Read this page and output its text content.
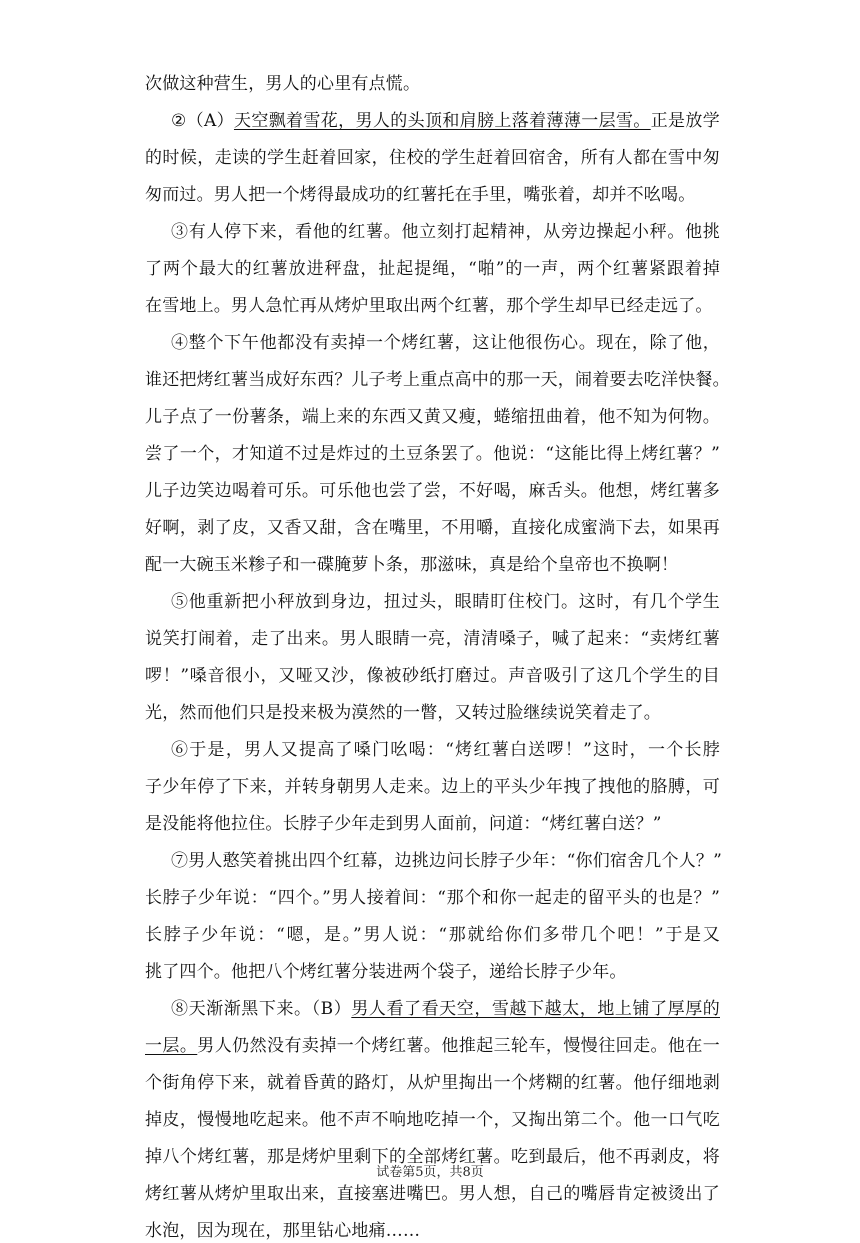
次做这种营生，男人的心里有点慌。
②（A）天空飘着雪花，男人的头顶和肩膀上落着薄薄一层雪。正是放学
的时候，走读的学生赶着回家，住校的学生赶着回宿舍，所有人都在雪中匆
匆而过。男人把一个烤得最成功的红薯托在手里，嘴张着，却并不吆喝。
③有人停下来，看他的红薯。他立刻打起精神，从旁边操起小秤。他挑
了两个最大的红薯放进秤盘，扯起提绳，“啪”的一声，两个红薯紧跟着掉
在雪地上。男人急忙再从烤炉里取出两个红薯，那个学生却早已经走远了。
④整个下午他都没有卖掉一个烤红薯，这让他很伤心。现在，除了他，
谁还把烤红薯当成好东西？儿子考上重点高中的那一天，闹着要去吃洋快餐。
儿子点了一份薯条，端上来的东西又黄又瘦，蜷缩扭曲着，他不知为何物。
尝了一个，才知道不过是炸过的土豆条罢了。他说：“这能比得上烤红薯？”
儿子边笑边喝着可乐。可乐他也尝了尝，不好喝，麻舌头。他想，烤红薯多
好啊，剥了皮，又香又甜，含在嘴里，不用嚼，直接化成蜜淌下去，如果再
配一大碗玉米糁子和一碟腌萝卜条，那滋味，真是给个皇帝也不换啊！
⑤他重新把小秤放到身边，扭过头，眼睛盯住校门。这时，有几个学生
说笑打闹着，走了出来。男人眼睛一亮，清清嗓子，喊了起来：“卖烤红薯
啰！”嗓音很小，又哑又沙，像被砂纸打磨过。声音吸引了这几个学生的目
光，然而他们只是投来极为漠然的一瞥，又转过脸继续说笑着走了。
⑥于是，男人又提高了嗓门吆喝：“烤红薯白送啰！”这时，一个长脖
子少年停了下来，并转身朝男人走来。边上的平头少年拽了拽他的胳膊，可
是没能将他拉住。长脖子少年走到男人面前，问道：“烤红薯白送？”
⑦男人憨笑着挑出四个红幕，边挑边问长脖子少年：“你们宿舍几个人？”
长脖子少年说：“四个。”男人接着间：“那个和你一起走的留平头的也是？”
长脖子少年说：“嗯，是。”男人说：“那就给你们多带几个吧！”于是又
挑了四个。他把八个烤红薯分装进两个袋子，递给长脖子少年。
⑧天渐渐黑下来。（B）男人看了看天空，雪越下越太，地上铺了厚厚的
一层。男人仍然没有卖掉一个烤红薯。他推起三轮车，慢慢往回走。他在一
个街角停下来，就着昏黄的路灯，从炉里掏出一个烤糊的红薯。他仔细地剥
掉皮，慢慢地吃起来。他不声不响地吃掉一个，又掏出第二个。他一口气吃
掉八个烤红薯，那是烤炉里剩下的全部烤红薯。吃到最后，他不再剥皮，将
烤红薯从烤炉里取出来，直接塞进嘴巴。男人想，自己的嘴唇肯定被烫出了
水泡，因为现在，那里钻心地痛……
试卷第5页，共8页
